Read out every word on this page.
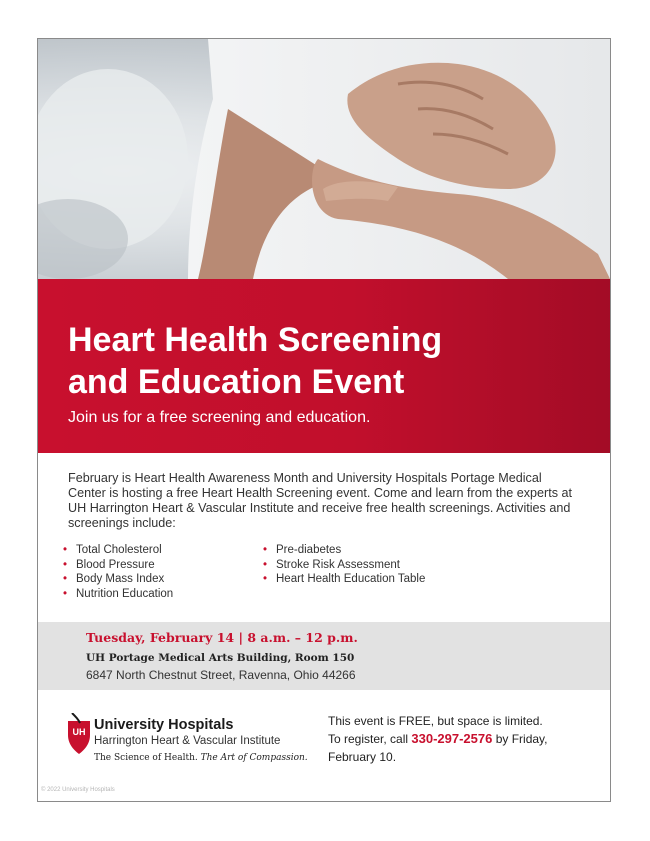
Heart Health Screening
and Education Event

Join us for a free screening and education.

February is Heart Health Awareness Month and University Hospitals Portage Medical Center is hosting a free Heart Health Screening event. Come and learn from the experts at UH Harrington Heart & Vascular Institute and receive free health screenings. Activities and screenings include:

• Total Cholesterol
• Blood Pressure
• Body Mass Index
• Nutrition Education
• Pre-diabetes
• Stroke Risk Assessment
• Heart Health Education Table
Tuesday, February 14 | 8 a.m. – 12 p.m.
UH Portage Medical Arts Building, Room 150
6847 North Chestnut Street, Ravenna, Ohio 44266
UH University Hospitals
Harrington Heart & Vascular Institute
The Science of Health. The Art of Compassion.

This event is FREE, but space is limited.
To register, call 330-297-2576 by Friday, February 10.

© 2022 University Hospitals
